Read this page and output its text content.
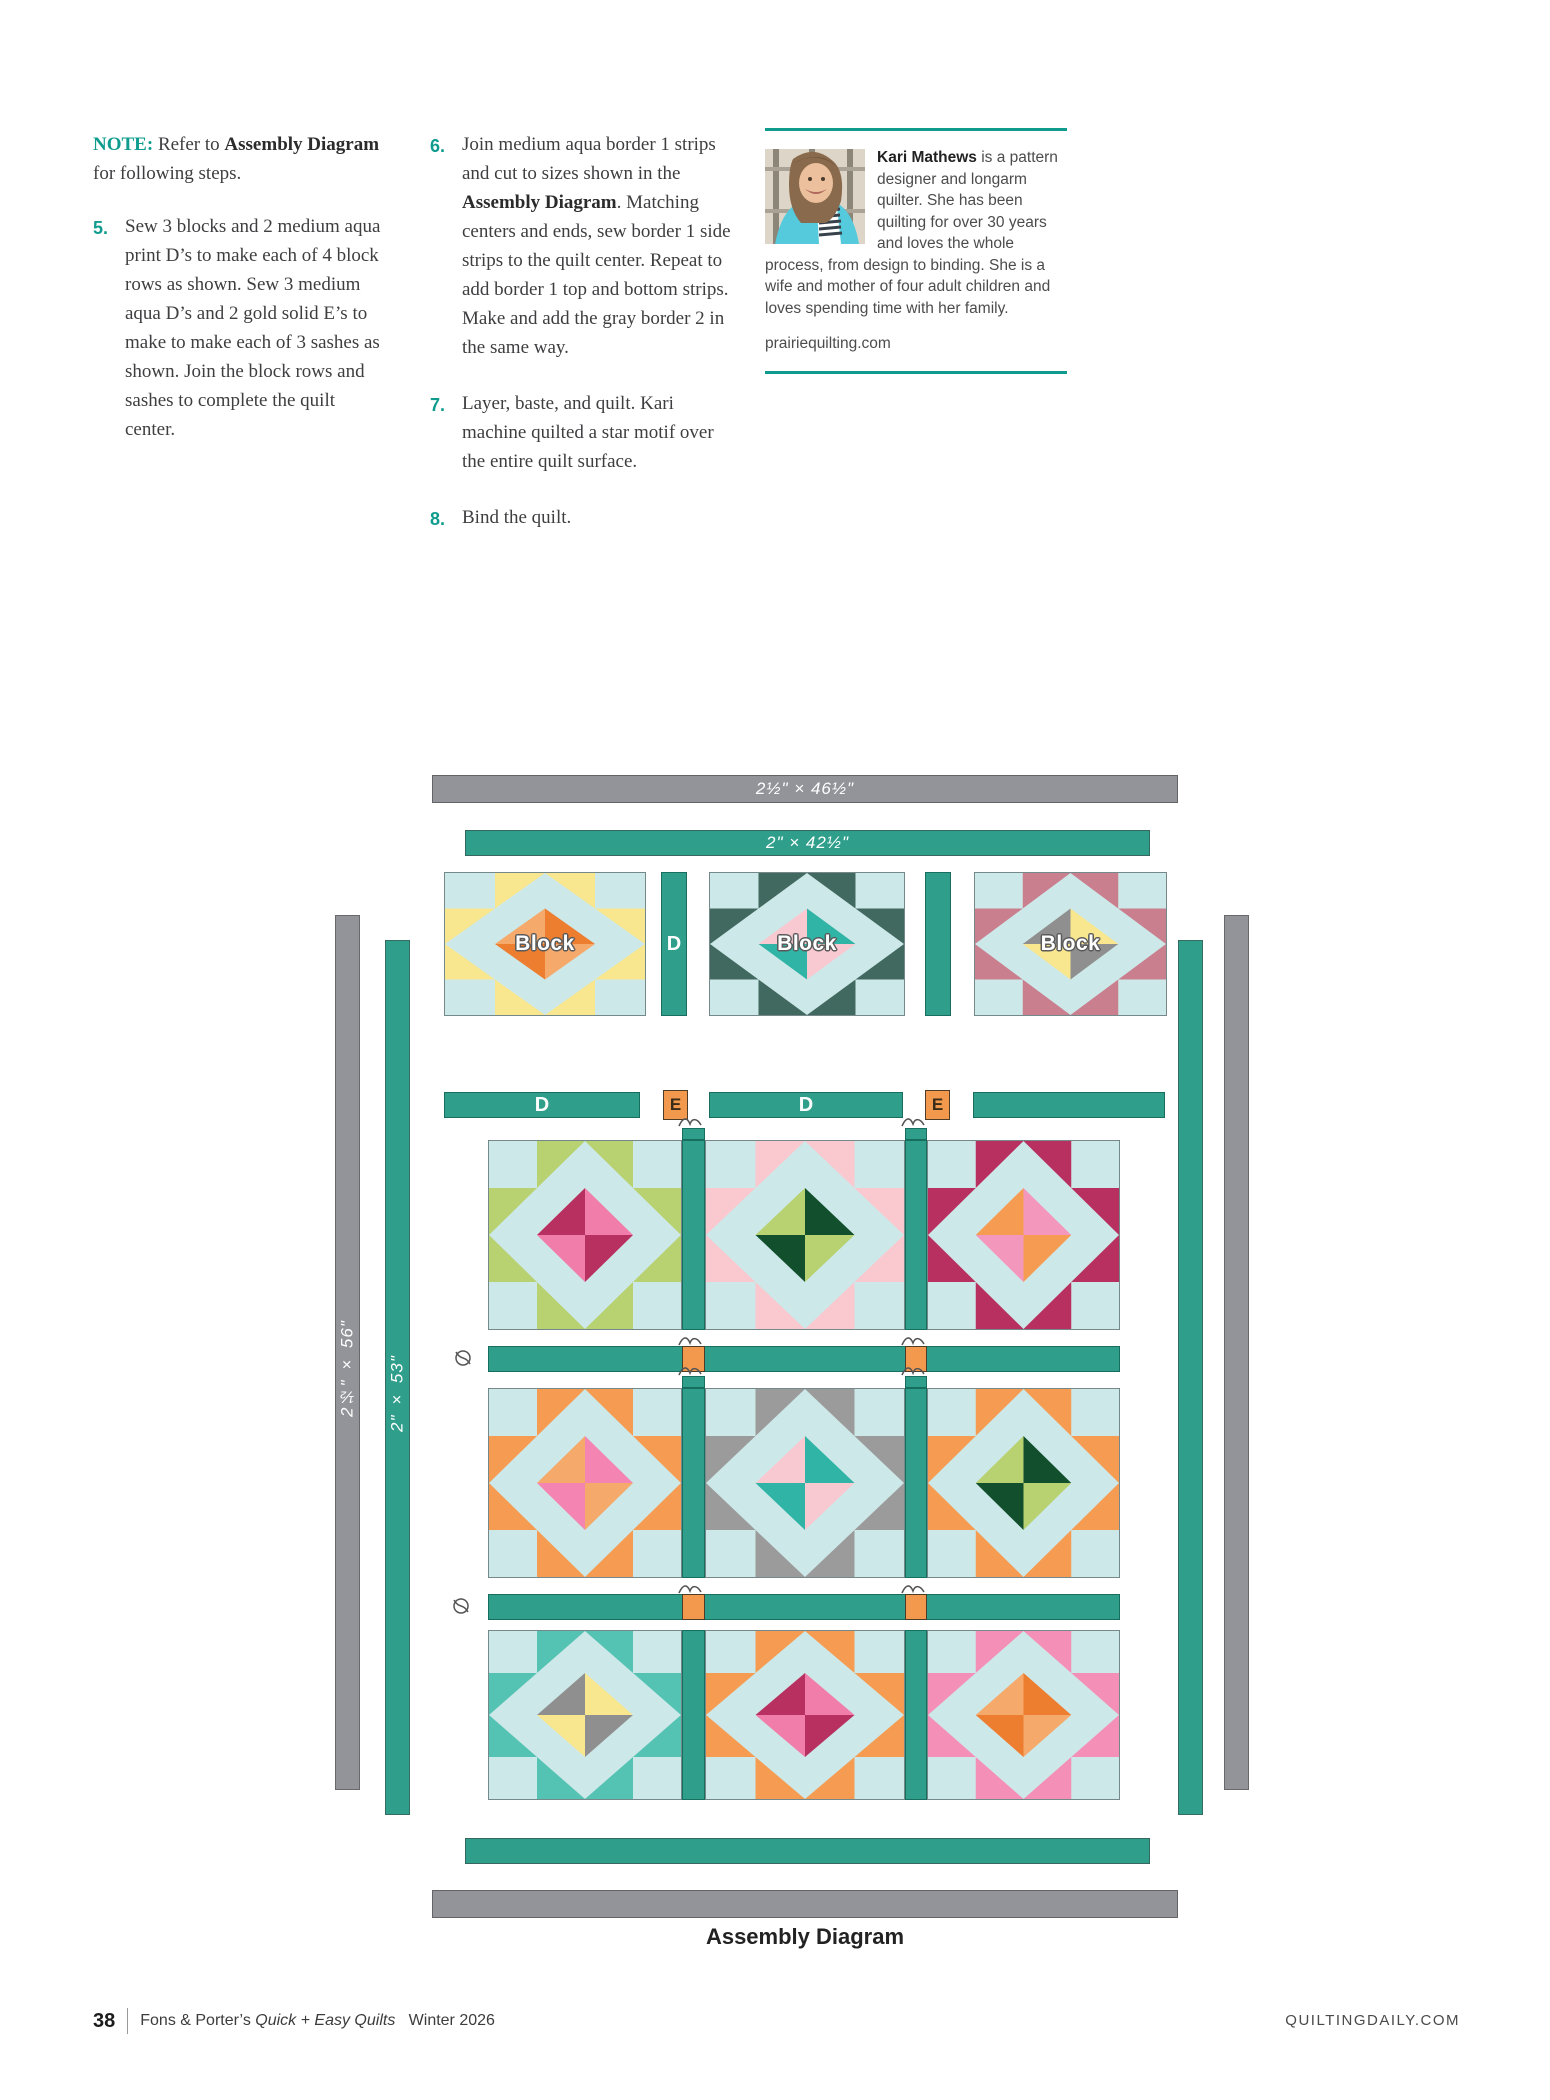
NOTE: Refer to Assembly Diagram for following steps.

5. Sew 3 blocks and 2 medium aqua print D’s to make each of 4 block rows as shown. Sew 3 medium aqua D’s and 2 gold solid E’s to make to make each of 3 sashes as shown. Join the block rows and sashes to complete the quilt center.
6. Join medium aqua border 1 strips and cut to sizes shown in the Assembly Diagram. Matching centers and ends, sew border 1 side strips to the quilt center. Repeat to add border 1 top and bottom strips. Make and add the gray border 2 in the same way.
7. Layer, baste, and quilt. Kari machine quilted a star motif over the entire quilt surface.
8. Bind the quilt.
Kari Mathews is a pattern designer and longarm quilter. She has been quilting for over 30 years and loves the whole process, from design to binding. She is a wife and mother of four adult children and loves spending time with her family.
prairiequilting.com
2½" × 46½"
2" × 42½"
2½" × 56" 2" × 53"
Block	D	Block	Block
D	E	D	E
Assembly Diagram
38 Fons & Porter’s Quick + Easy Quilts Winter 2026	QUILTINGDAILY.COM
